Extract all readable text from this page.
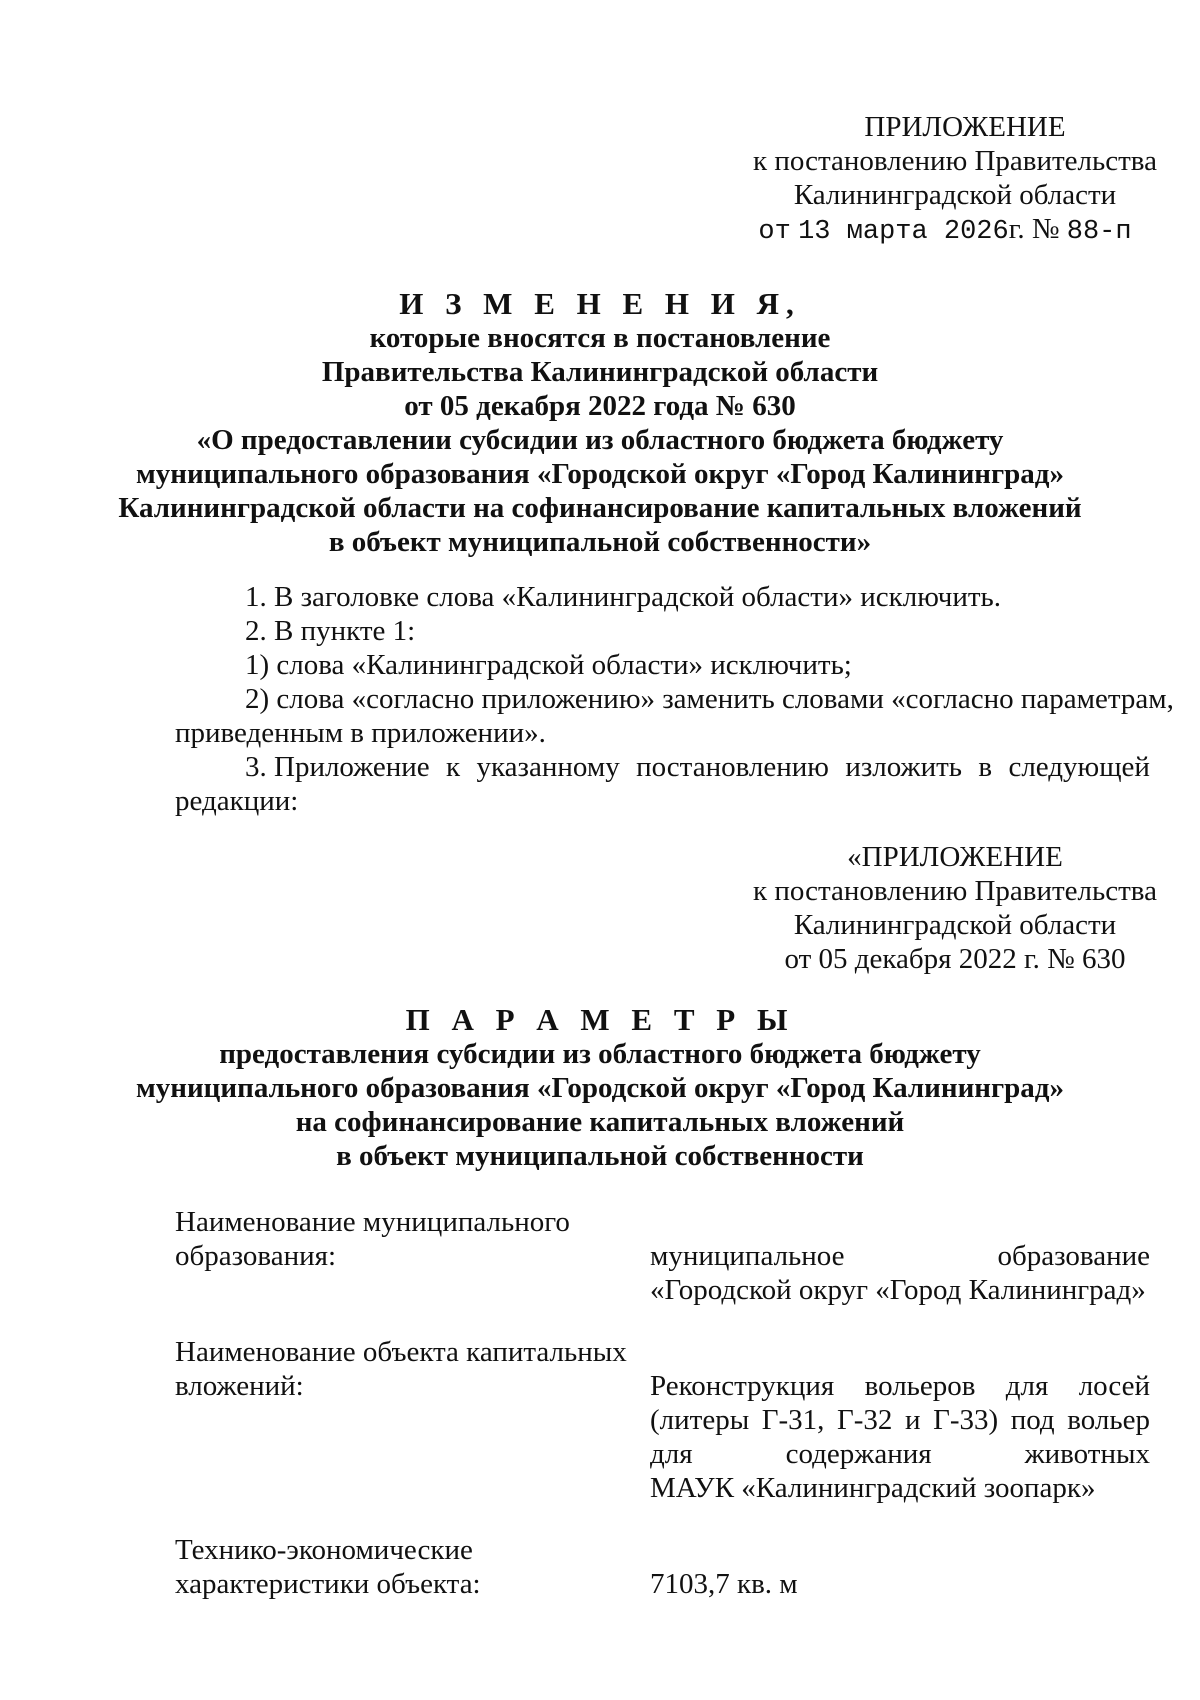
ПРИЛОЖЕНИЕ
к постановлению Правительства
Калининградской области
от 13 марта 2026г. № 88-п
И З М Е Н Е Н И Я,
которые вносятся в постановление
Правительства Калининградской области
от 05 декабря 2022 года № 630
«О предоставлении субсидии из областного бюджета бюджету
муниципального образования «Городской округ «Город Калининград»
Калининградской области на софинансирование капитальных вложений
в объект муниципальной собственности»
1. В заголовке слова «Калининградской области» исключить.
2. В пункте 1:
1) слова «Калининградской области» исключить;
2) слова «согласно приложению» заменить словами «согласно параметрам,
приведенным в приложении».
3. Приложение к указанному постановлению изложить в следующей
редакции:
«ПРИЛОЖЕНИЕ
к постановлению Правительства
Калининградской области
от 05 декабря 2022 г. № 630
П А Р А М Е Т Р Ы
предоставления субсидии из областного бюджета бюджету
муниципального образования «Городской округ «Город Калининград»
на софинансирование капитальных вложений
в объект муниципальной собственности
Наименование муниципального
образования:	муниципальное	образование
«Городской округ «Город Калининград»
Наименование объекта капитальных
вложений:	Реконструкция вольеров для лосей
(литеры Г-31, Г-32 и Г-33) под вольер
для	содержания	животных
МАУК «Калининградский зоопарк»
Технико-экономические
характеристики объекта:	7103,7 кв. м
